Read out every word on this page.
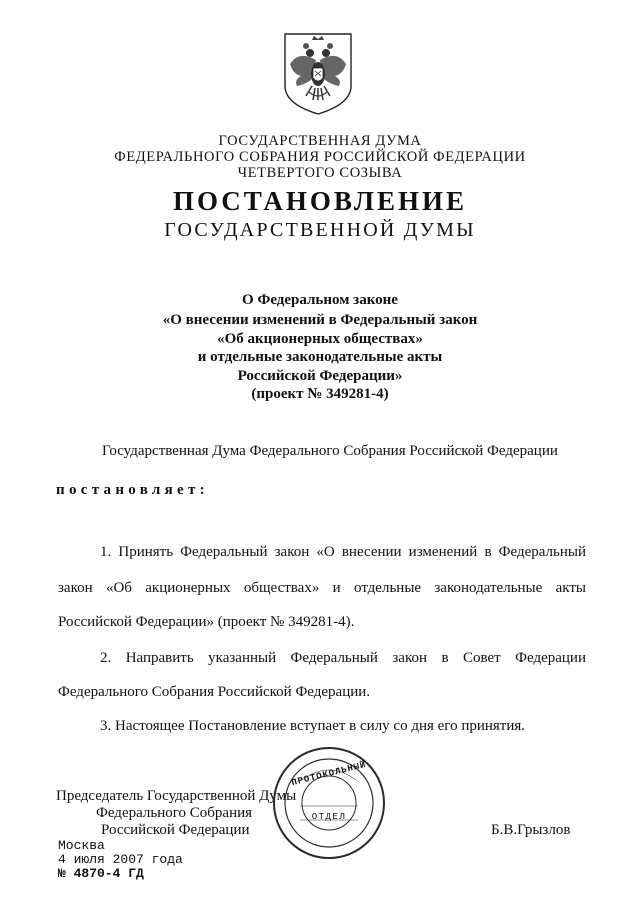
ГОСУДАРСТВЕННАЯ ДУМА
ФЕДЕРАЛЬНОГО СОБРАНИЯ РОССИЙСКОЙ ФЕДЕРАЦИИ
ЧЕТВЕРТОГО СОЗЫВА
ПОСТАНОВЛЕНИЕ
ГОСУДАРСТВЕННОЙ ДУМЫ
О Федеральном законе
«О внесении изменений в Федеральный закон
«Об акционерных обществах»
и отдельные законодательные акты
Российской Федерации»
(проект № 349281-4)
Государственная Дума Федерального Собрания Российской Федерации
постановляет:
1. Принять Федеральный закон «О внесении изменений в Федеральный
закон «Об акционерных обществах» и отдельные законодательные акты
Российской Федерации» (проект № 349281-4).
2. Направить указанный Федеральный закон в Совет Федерации
Федерального Собрания Российской Федерации.
3. Настоящее Постановление вступает в силу со дня его принятия.
Председатель Государственной Думы
Федерального Собрания
Российской Федерации	Б.В.Грызлов
Москва
4 июля 2007 года
№ 4870-4 ГД
ПРОТОКОЛЬНЫЙ
ОТДЕЛ
